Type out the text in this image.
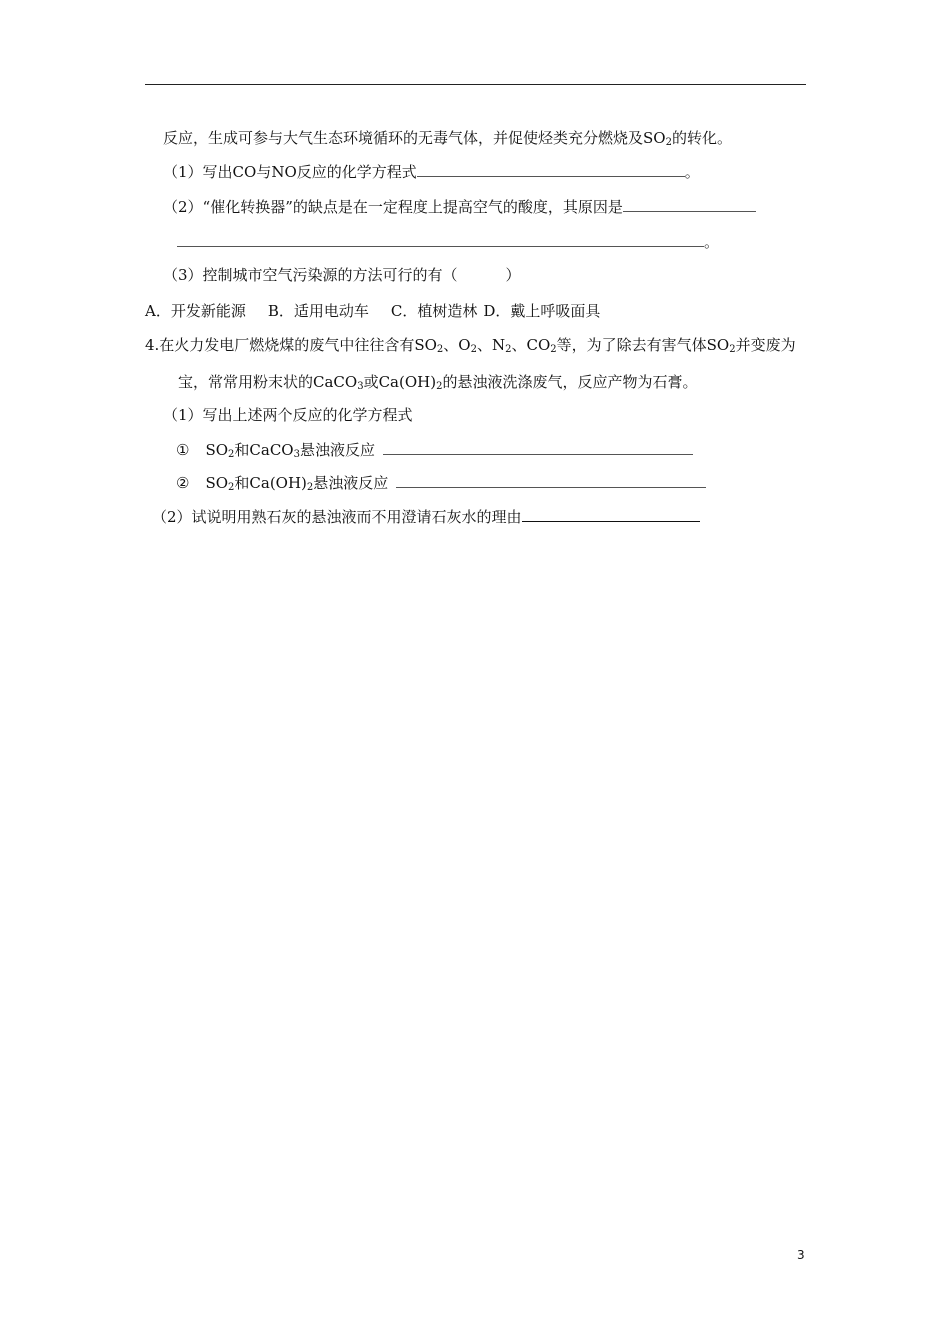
反应，生成可参与大气生态环境循环的无毒气体，并促使烃类充分燃烧及$SO_2$的转化。
（1）写出CO与NO反应的化学方程式	。
（2）“催化转换器”的缺点是在一定程度上提高空气的酸度，其原因是
。
（3）控制城市空气污染源的方法可行的有（	）
A．开发新能源 B．适用电动车 C．植树造林 D．戴上呼吸面具
4.在火力发电厂燃烧煤的废气中往往含有$SO_2$、$O_2$、$N_2$、$CO_2$等，为了除去有害气体$SO_2$并变废为
宝，常常用粉末状的CaCO$_3$或$Ca(OH)_2$的悬浊液洗涤废气，反应产物为石膏。
（1）写出上述两个反应的化学方程式
① $SO_2$和CaCO$_3$悬浊液反应
② $SO_2$和$Ca(OH)_2$悬浊液反应
（2）试说明用熟石灰的悬浊液而不用澄请石灰水的理由
3
